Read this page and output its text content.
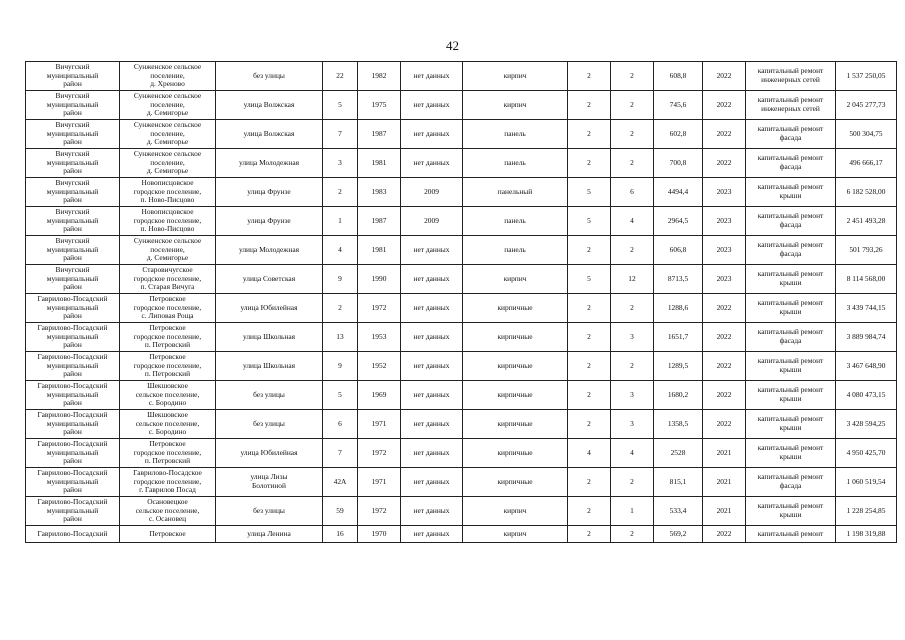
42
Вичугский
муниципальный
район	Сунженское сельское
поселение,
д. Хреново	без улицы	22	1982	нет данных	кирпич	2	2	608,8	2022	капитальный ремонт
инженерных сетей	1 537 250,05
Вичугский
муниципальный
район	Сунженское сельское
поселение,
д. Семигорье	улица Волжская	5	1975	нет данных	кирпич	2	2	745,6	2022	капитальный ремонт
инженерных сетей	2 045 277,73
Вичугский
муниципальный
район	Сунженское сельское
поселение,
д. Семигорье	улица Волжская	7	1987	нет данных	панель	2	2	602,8	2022	капитальный ремонт
фасада	500 304,75
Вичугский
муниципальный
район	Сунженское сельское
поселение,
д. Семигорье	улица Молодежная	3	1981	нет данных	панель	2	2	700,8	2022	капитальный ремонт
фасада	496 666,17
Вичугский
муниципальный
район	Новописцовское
городское поселение,
п. Ново-Писцово	улица Фрунзе	2	1983	2009	панельный	5	6	4494,4	2023	капитальный ремонт
крыши	6 182 528,00
Вичугский
муниципальный
район	Новописцовское
городское поселение,
п. Ново-Писцово	улица Фрунзе	1	1987	2009	панель	5	4	2964,5	2023	капитальный ремонт
фасада	2 451 493,28
Вичугский
муниципальный
район	Сунженское сельское
поселение,
д. Семигорье	улица Молодежная	4	1981	нет данных	панель	2	2	606,8	2023	капитальный ремонт
фасада	501 793,26
Вичугский
муниципальный
район	Старовичугское
городское поселение,
п. Старая Вичуга	улица Советская	9	1990	нет данных	кирпич	5	12	8713,5	2023	капитальный ремонт
крыши	8 114 568,00
Гаврилово-Посадский
муниципальный
район	Петровское
городское поселение,
с. Липовая Роща	улица Юбилейная	2	1972	нет данных	кирпичные	2	2	1288,6	2022	капитальный ремонт
крыши	3 439 744,15
Гаврилово-Посадский
муниципальный
район	Петровское
городское поселение,
п. Петровский	улица Школьная	13	1953	нет данных	кирпичные	2	3	1651,7	2022	капитальный ремонт
фасада	3 889 984,74
Гаврилово-Посадский
муниципальный
район	Петровское
городское поселение,
п. Петровский	улица Школьная	9	1952	нет данных	кирпичные	2	2	1289,5	2022	капитальный ремонт
крыши	3 467 648,90
Гаврилово-Посадский
муниципальный
район	Шекшовское
сельское поселение,
с. Бородино	без улицы	5	1969	нет данных	кирпичные	2	3	1680,2	2022	капитальный ремонт
крыши	4 080 473,15
Гаврилово-Посадский
муниципальный
район	Шекшовское
сельское поселение,
с. Бородино	без улицы	6	1971	нет данных	кирпичные	2	3	1358,5	2022	капитальный ремонт
крыши	3 428 594,25
Гаврилово-Посадский
муниципальный
район	Петровское
городское поселение,
п. Петровский	улица Юбилейная	7	1972	нет данных	кирпичные	4	4	2528	2021	капитальный ремонт
крыши	4 950 425,70
Гаврилово-Посадский
муниципальный
район	Гаврилово-Посадское
городское поселение,
г. Гаврилов Посад	улица Лизы
Болотиной	42А	1971	нет данных	кирпичные	2	2	815,1	2021	капитальный ремонт
фасада	1 060 519,54
Гаврилово-Посадский
муниципальный
район	Осановецкое
сельское поселение,
с. Осановец	без улицы	59	1972	нет данных	кирпич	2	1	533,4	2021	капитальный ремонт
крыши	1 228 254,85
Гаврилово-Посадский	Петровское	улица Ленина	16	1970	нет данных	кирпич	2	2	569,2	2022	капитальный ремонт	1 198 319,88
